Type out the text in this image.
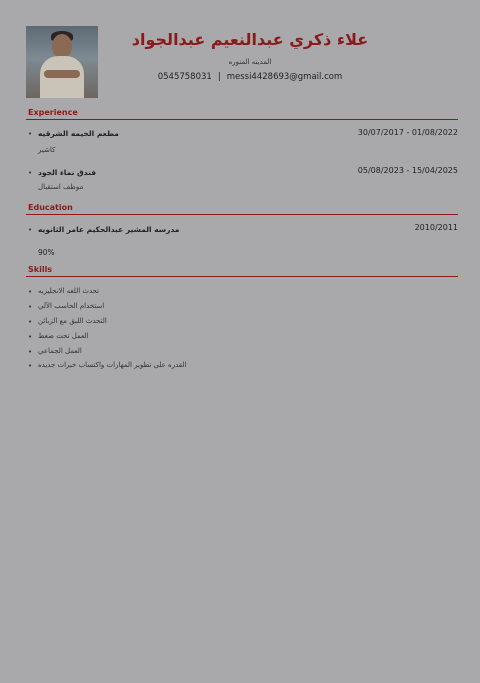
علاء ذكري عبدالنعيم عبدالجواد
المدينه المنوره
0545758031 | messi4428693@gmail.com
Experience
• مطعم الخيمه الشرقيه	30/07/2017 - 01/08/2022
كاشير
• فندق نماء الجود	05/08/2023 - 15/04/2025
موظف استقبال
Education
• مدرسه المشير عبدالحكيم عامر الثانويه	2010/2011
90%
Skills
• تحدث اللغه الانجليزيه
• استخدام الحاسب الآلي
• التحدث اللبق مع الزبائن
• العمل تحت ضغط
• العمل الجماعي
• القدره على تطوير المهارات واكتساب خبرات جديده
